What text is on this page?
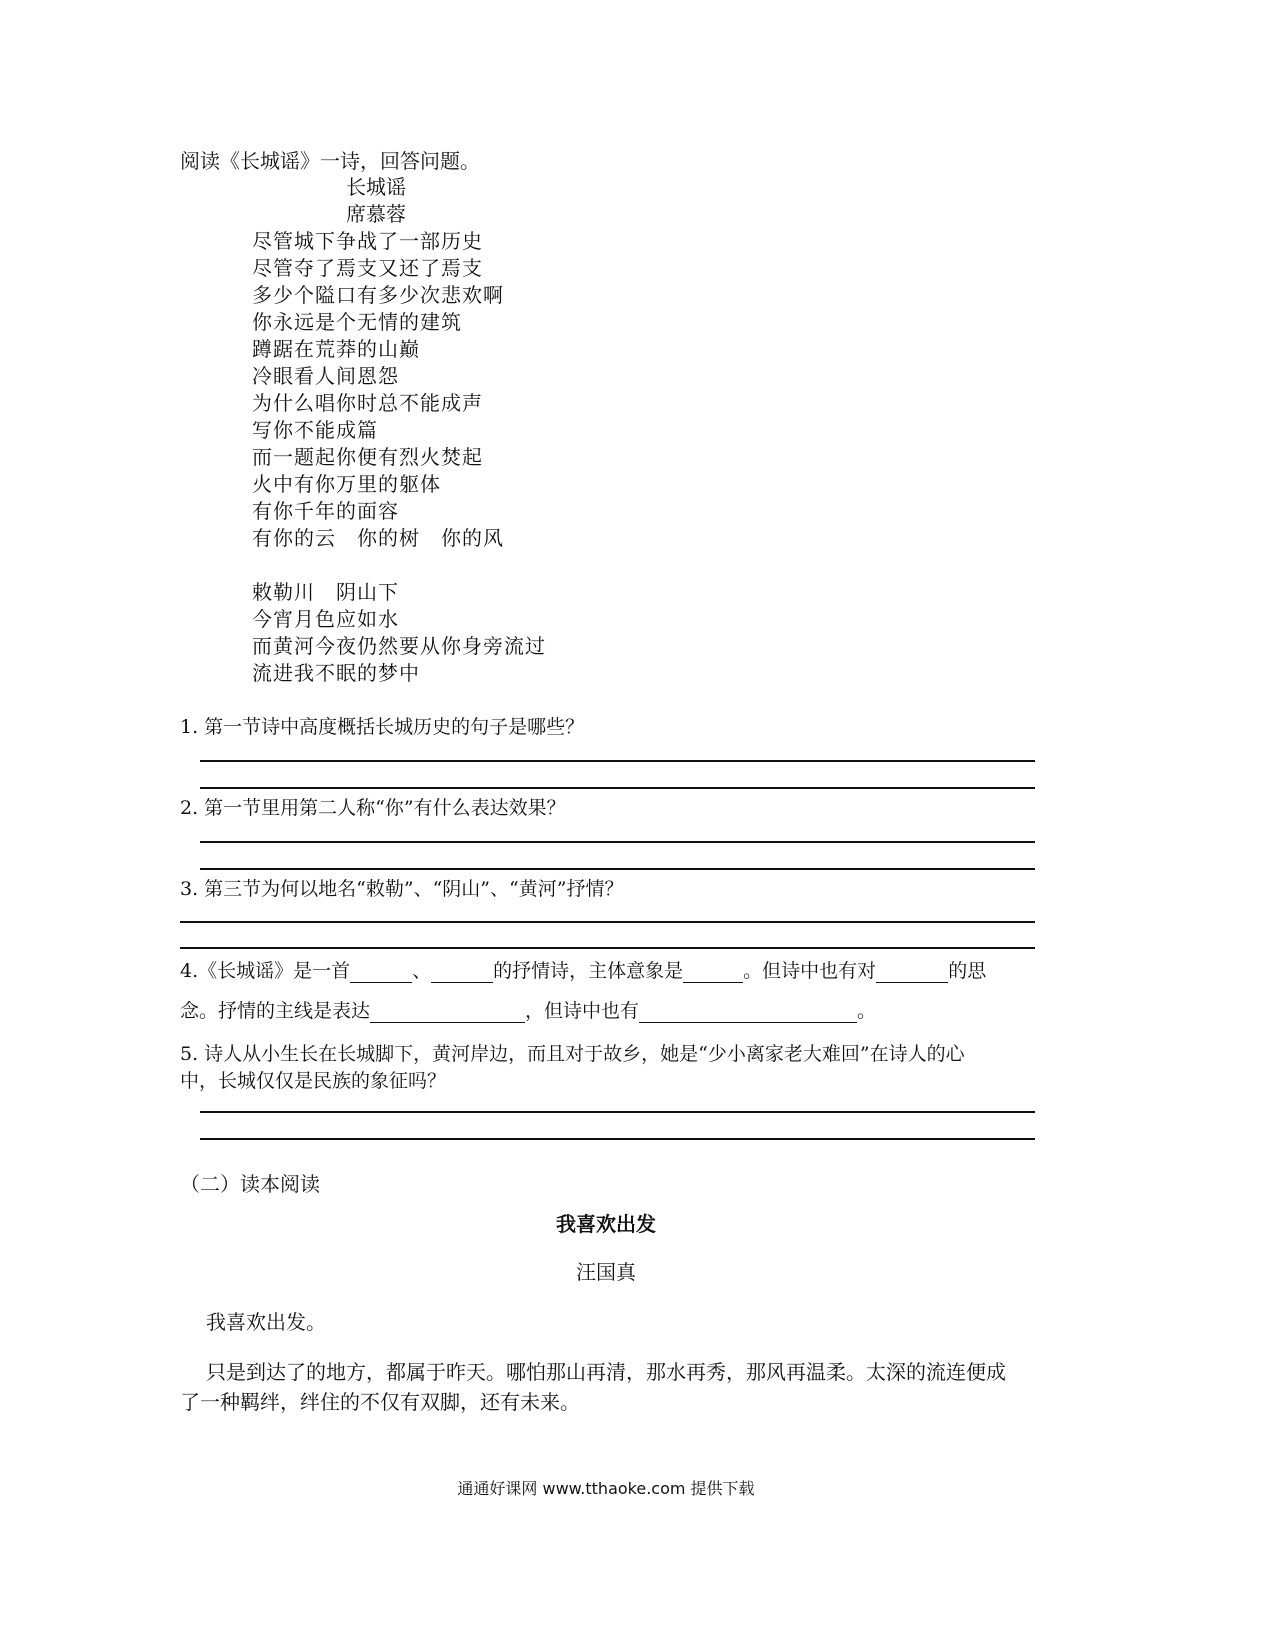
阅读《长城谣》一诗，回答问题。
长城谣
席慕蓉
尽管城下争战了一部历史
尽管夺了焉支又还了焉支
多少个隘口有多少次悲欢啊
你永远是个无情的建筑
蹲踞在荒莽的山巅
冷眼看人间恩怨
为什么唱你时总不能成声
写你不能成篇
而一题起你便有烈火焚起
火中有你万里的躯体
有你千年的面容
有你的云　你的树　你的风
敕勒川　阴山下
今宵月色应如水
而黄河今夜仍然要从你身旁流过
流进我不眠的梦中
1. 第一节诗中高度概括长城历史的句子是哪些？
2. 第一节里用第二人称“你”有什么表达效果？
3. 第三节为何以地名“敕勒”、“阴山”、“黄河”抒情？
4.《长城谣》是一首	、	的抒情诗，主体意象是	。但诗中也有对	的思
念。抒情的主线是表达	，但诗中也有	。
5. 诗人从小生长在长城脚下，黄河岸边，而且对于故乡，她是“少小离家老大难回”在诗人的心
中，长城仅仅是民族的象征吗？
（二）读本阅读
我喜欢出发
汪国真
我喜欢出发。
只是到达了的地方，都属于昨天。哪怕那山再清，那水再秀，那风再温柔。太深的流连便成
了一种羁绊，绊住的不仅有双脚，还有未来。
通通好课网 www.tthaoke.com 提供下载
